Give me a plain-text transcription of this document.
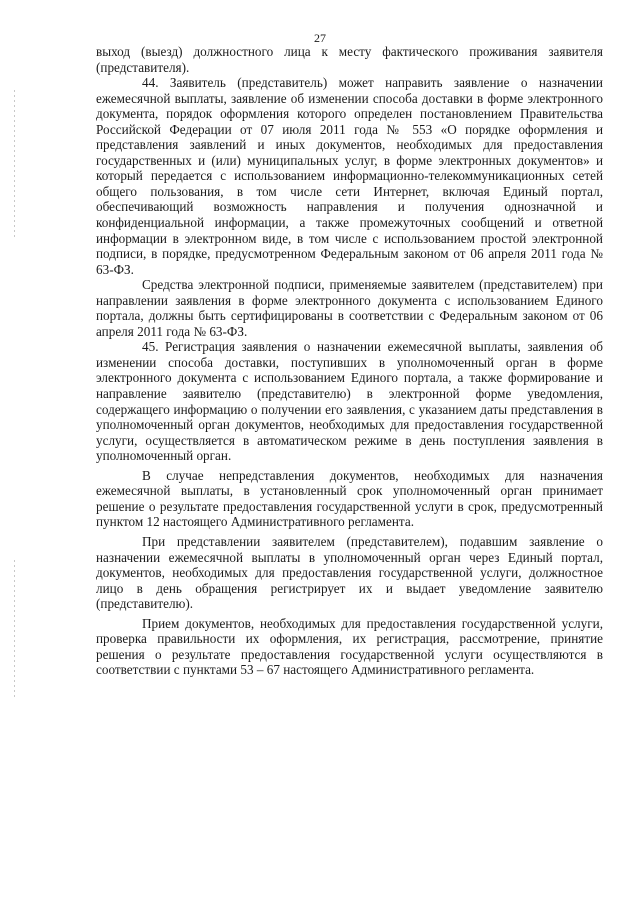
27

выход (выезд) должностного лица к месту фактического проживания заявителя (представителя).

44. Заявитель (представитель) может направить заявление о назначении ежемесячной выплаты, заявление об изменении способа доставки в форме электронного документа, порядок оформления которого определен постановлением Правительства Российской Федерации от 07 июля 2011 года № 553 «О порядке оформления и представления заявлений и иных документов, необходимых для предоставления государственных и (или) муниципальных услуг, в форме электронных документов» и который передается с использованием информационно-телекоммуникационных сетей общего пользования, в том числе сети Интернет, включая Единый портал, обеспечивающий возможность направления и получения однозначной и конфиденциальной информации, а также промежуточных сообщений и ответной информации в электронном виде, в том числе с использованием простой электронной подписи, в порядке, предусмотренном Федеральным законом от 06 апреля 2011 года № 63-ФЗ.

Средства электронной подписи, применяемые заявителем (представителем) при направлении заявления в форме электронного документа с использованием Единого портала, должны быть сертифицированы в соответствии с Федеральным законом от 06 апреля 2011 года № 63-ФЗ.

45. Регистрация заявления о назначении ежемесячной выплаты, заявления об изменении способа доставки, поступивших в уполномоченный орган в форме электронного документа с использованием Единого портала, а также формирование и направление заявителю (представителю) в электронной форме уведомления, содержащего информацию о получении его заявления, с указанием даты представления в уполномоченный орган документов, необходимых для предоставления государственной услуги, осуществляется в автоматическом режиме в день поступления заявления в уполномоченный орган.

В случае непредставления документов, необходимых для назначения ежемесячной выплаты, в установленный срок уполномоченный орган принимает решение о результате предоставления государственной услуги в срок, предусмотренный пунктом 12 настоящего Административного регламента.

При представлении заявителем (представителем), подавшим заявление о назначении ежемесячной выплаты в уполномоченный орган через Единый портал, документов, необходимых для предоставления государственной услуги, должностное лицо в день обращения регистрирует их и выдает уведомление заявителю (представителю).

Прием документов, необходимых для предоставления государственной услуги, проверка правильности их оформления, их регистрация, рассмотрение, принятие решения о результате предоставления государственной услуги осуществляются в соответствии с пунктами 53 – 67 настоящего Административного регламента.
